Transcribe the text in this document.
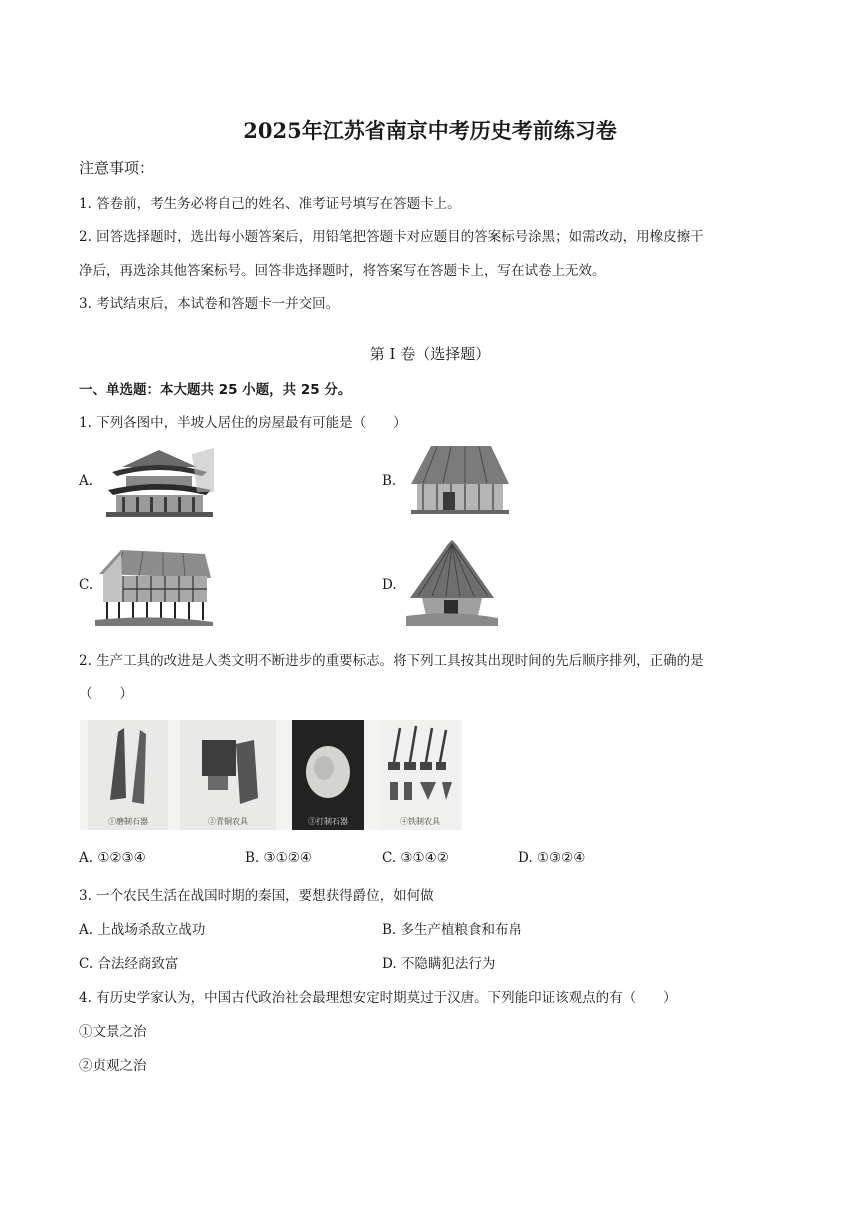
2025年江苏省南京中考历史考前练习卷
注意事项：
1. 答卷前，考生务必将自己的姓名、准考证号填写在答题卡上。
2. 回答选择题时，选出每小题答案后，用铅笔把答题卡对应题目的答案标号涂黑；如需改动，用橡皮擦干
净后，再选涂其他答案标号。回答非选择题时，将答案写在答题卡上，写在试卷上无效。
3. 考试结束后，本试卷和答题卡一并交回。
第 I 卷（选择题）
一、单选题：本大题共 25 小题，共 25 分。
1. 下列各图中，半坡人居住的房屋最有可能是（　　）
A.	B.
C.	D.
2. 生产工具的改进是人类文明不断进步的重要标志。将下列工具按其出现时间的先后顺序排列，正确的是
（　　）
①磨制石器	②青铜农具	③打制石器	④铁制农具
A. ①②③④	B. ③①②④	C. ③①④②	D. ①③②④
3. 一个农民生活在战国时期的秦国，要想获得爵位，如何做
A. 上战场杀敌立战功	B. 多生产植粮食和布帛
C. 合法经商致富	D. 不隐瞒犯法行为
4. 有历史学家认为，中国古代政治社会最理想安定时期莫过于汉唐。下列能印证该观点的有（　　）
①文景之治
②贞观之治
